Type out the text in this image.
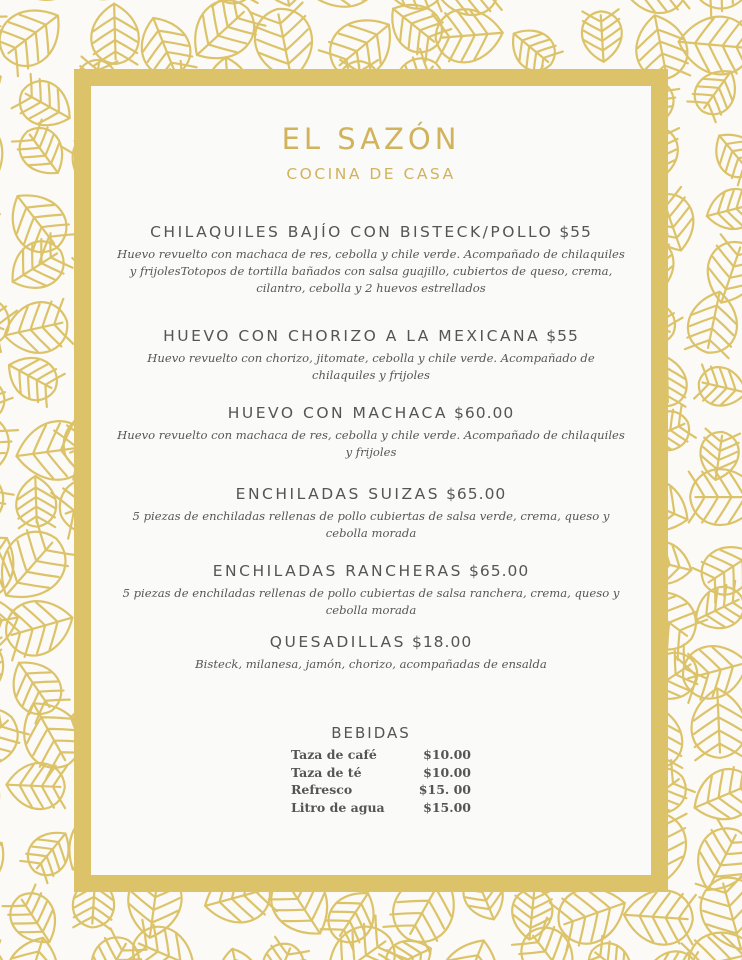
EL SAZÓN
COCINA DE CASA
CHILAQUILES BAJÍO CON BISTECK/POLLO $55
Huevo revuelto con machaca de res, cebolla y chile verde. Acompañado de chilaquiles y frijolesTotopos de tortilla bañados con salsa guajillo, cubiertos de queso, crema, cilantro, cebolla y 2 huevos estrellados
HUEVO CON CHORIZO A LA MEXICANA $55
Huevo revuelto con chorizo, jitomate, cebolla y chile verde. Acompañado de chilaquiles y frijoles
HUEVO CON MACHACA $60.00
Huevo revuelto con machaca de res, cebolla y chile verde. Acompañado de chilaquiles y frijoles
ENCHILADAS SUIZAS $65.00
5 piezas de enchiladas rellenas de pollo cubiertas de salsa verde, crema, queso y cebolla morada
ENCHILADAS RANCHERAS $65.00
5 piezas de enchiladas rellenas de pollo cubiertas de salsa ranchera, crema, queso y cebolla morada
QUESADILLAS $18.00
Bisteck, milanesa, jamón, chorizo, acompañadas de ensalda
BEBIDAS
Taza de café	$10.00
Taza de té	$10.00
Refresco	$15. 00
Litro de agua	$15.00
